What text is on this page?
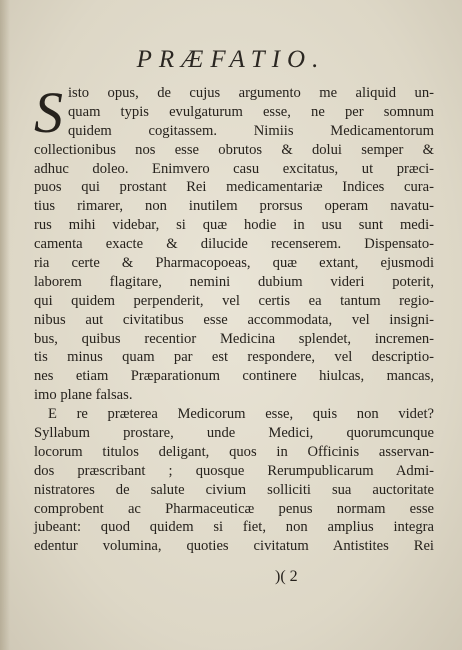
PRÆFATIO.
S isto opus, de cujus argumento me aliquid un-
quam typis evulgaturum esse, ne per somnum
quidem cogitassem. Nimiis Medicamentorum
collectionibus nos esse obrutos & dolui semper &
adhuc doleo. Enimvero casu excitatus, ut præci-
puos qui prostant Rei medicamentariæ Indices cura-
tius rimarer, non inutilem prorsus operam navatu-
rus mihi videbar, si quæ hodie in usu sunt medi-
camenta exacte & dilucide recenserem. Dispensato-
ria certe & Pharmacopoeas, quæ extant, ejusmodi
laborem flagitare, nemini dubium videri poterit,
qui quidem perpenderit, vel certis ea tantum regio-
nibus aut civitatibus esse accommodata, vel insigni-
bus, quibus recentior Medicina splendet, incremen-
tis minus quam par est respondere, vel descriptio-
nes etiam Præparationum continere hiulcas, mancas,
imo plane falsas.
E re præterea Medicorum esse, quis non videt?
Syllabum prostare, unde Medici, quorumcunque
locorum titulos deligant, quos in Officinis asservan-
dos præscribant ; quosque Rerumpublicarum Admi-
nistratores de salute civium solliciti sua auctoritate
comprobent ac Pharmaceuticæ penus normam esse
jubeant: quod quidem si fiet, non amplius integra
edentur volumina, quoties civitatum Antistites Rei
)( 2
